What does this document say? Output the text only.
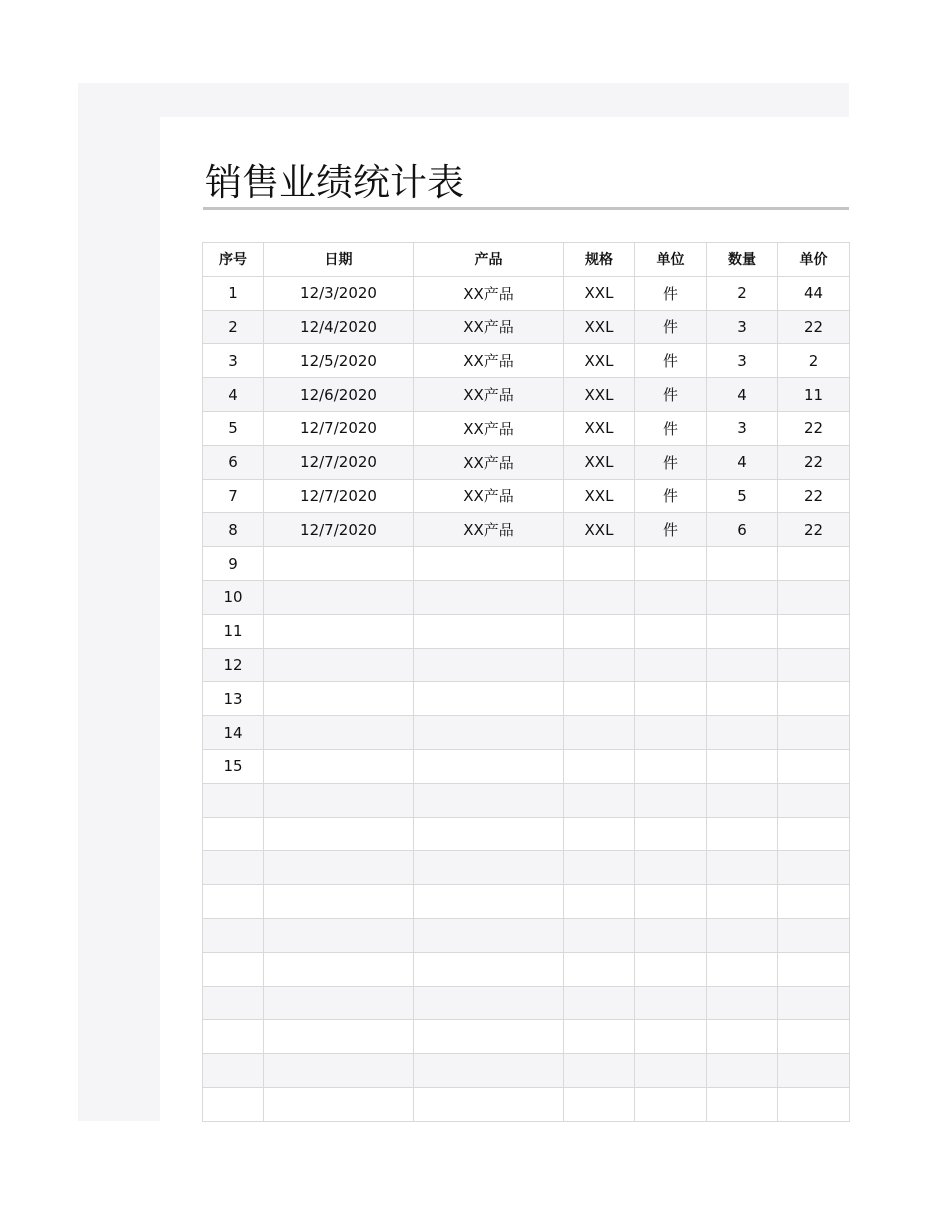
销售业绩统计表
序号	日期	产品	规格	单位	数量	单价
1	12/3/2020	XX产品	XXL	件	2	44
2	12/4/2020	XX产品	XXL	件	3	22
3	12/5/2020	XX产品	XXL	件	3	2
4	12/6/2020	XX产品	XXL	件	4	11
5	12/7/2020	XX产品	XXL	件	3	22
6	12/7/2020	XX产品	XXL	件	4	22
7	12/7/2020	XX产品	XXL	件	5	22
8	12/7/2020	XX产品	XXL	件	6	22
9						
10						
11						
12						
13						
14						
15						
